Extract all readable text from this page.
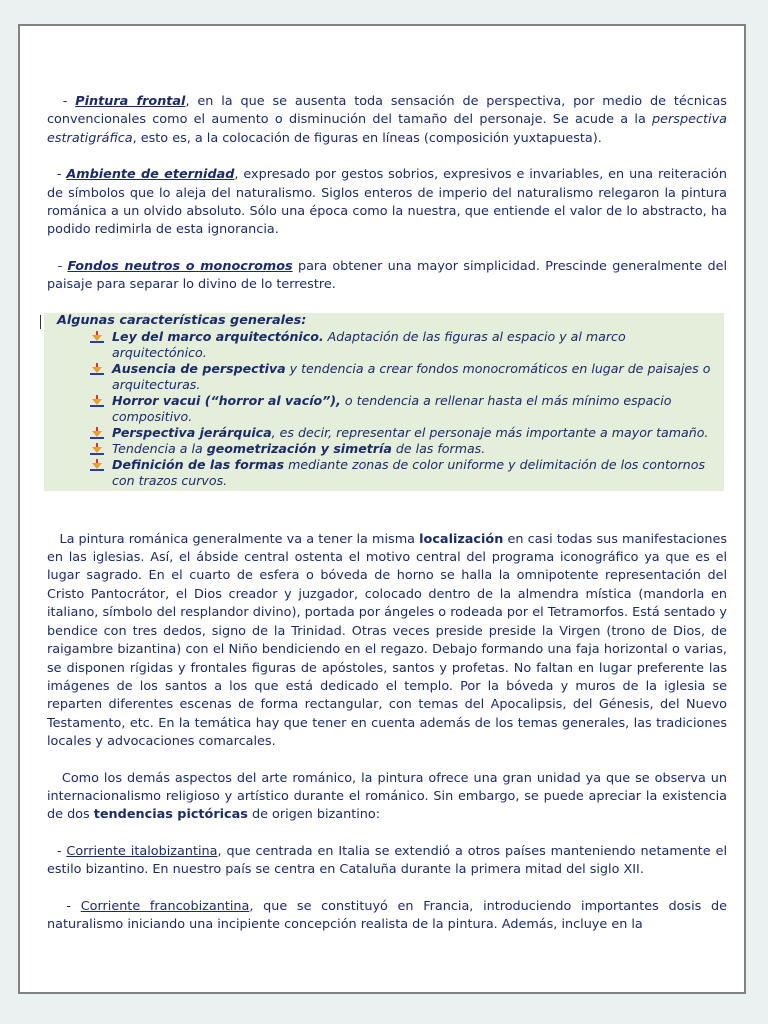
- Pintura frontal, en la que se ausenta toda sensación de perspectiva, por medio de técnicas convencionales como el aumento o disminución del tamaño del personaje. Se acude a la perspectiva estratigráfica, esto es, a la colocación de figuras en líneas (composición yuxtapuesta).

- Ambiente de eternidad, expresado por gestos sobrios, expresivos e invariables, en una reiteración de símbolos que lo aleja del naturalismo. Siglos enteros de imperio del naturalismo relegaron la pintura románica a un olvido absoluto. Sólo una época como la nuestra, que entiende el valor de lo abstracto, ha podido redimirla de esta ignorancia.

- Fondos neutros o monocromos para obtener una mayor simplicidad. Prescinde generalmente del paisaje para separar lo divino de lo terrestre.

Algunas características generales:
Ley del marco arquitectónico. Adaptación de las figuras al espacio y al marco arquitectónico.
Ausencia de perspectiva y tendencia a crear fondos monocromáticos en lugar de paisajes o arquitecturas.
Horror vacui (“horror al vacío”), o tendencia a rellenar hasta el más mínimo espacio compositivo.
Perspectiva jerárquica, es decir, representar el personaje más importante a mayor tamaño.
Tendencia a la geometrización y simetría de las formas.
Definición de las formas mediante zonas de color uniforme y delimitación de los contornos con trazos curvos.

La pintura románica generalmente va a tener la misma localización en casi todas sus manifestaciones en las iglesias. Así, el ábside central ostenta el motivo central del programa iconográfico ya que es el lugar sagrado. En el cuarto de esfera o bóveda de horno se halla la omnipotente representación del Cristo Pantocrátor, el Dios creador y juzgador, colocado dentro de la almendra mística (mandorla en italiano, símbolo del resplandor divino), portada por ángeles o rodeada por el Tetramorfos. Está sentado y bendice con tres dedos, signo de la Trinidad. Otras veces preside preside la Virgen (trono de Dios, de raigambre bizantina) con el Niño bendiciendo en el regazo. Debajo formando una faja horizontal o varias, se disponen rígidas y frontales figuras de apóstoles, santos y profetas. No faltan en lugar preferente las imágenes de los santos a los que está dedicado el templo. Por la bóveda y muros de la iglesia se reparten diferentes escenas de forma rectangular, con temas del Apocalipsis, del Génesis, del Nuevo Testamento, etc. En la temática hay que tener en cuenta además de los temas generales, las tradiciones locales y advocaciones comarcales.

Como los demás aspectos del arte románico, la pintura ofrece una gran unidad ya que se observa un internacionalismo religioso y artístico durante el románico. Sin embargo, se puede apreciar la existencia de dos tendencias pictóricas de origen bizantino:

- Corriente italobizantina, que centrada en Italia se extendió a otros países manteniendo netamente el estilo bizantino. En nuestro país se centra en Cataluña durante la primera mitad del siglo XII.

- Corriente francobizantina, que se constituyó en Francia, introduciendo importantes dosis de naturalismo iniciando una incipiente concepción realista de la pintura. Además, incluye en la
